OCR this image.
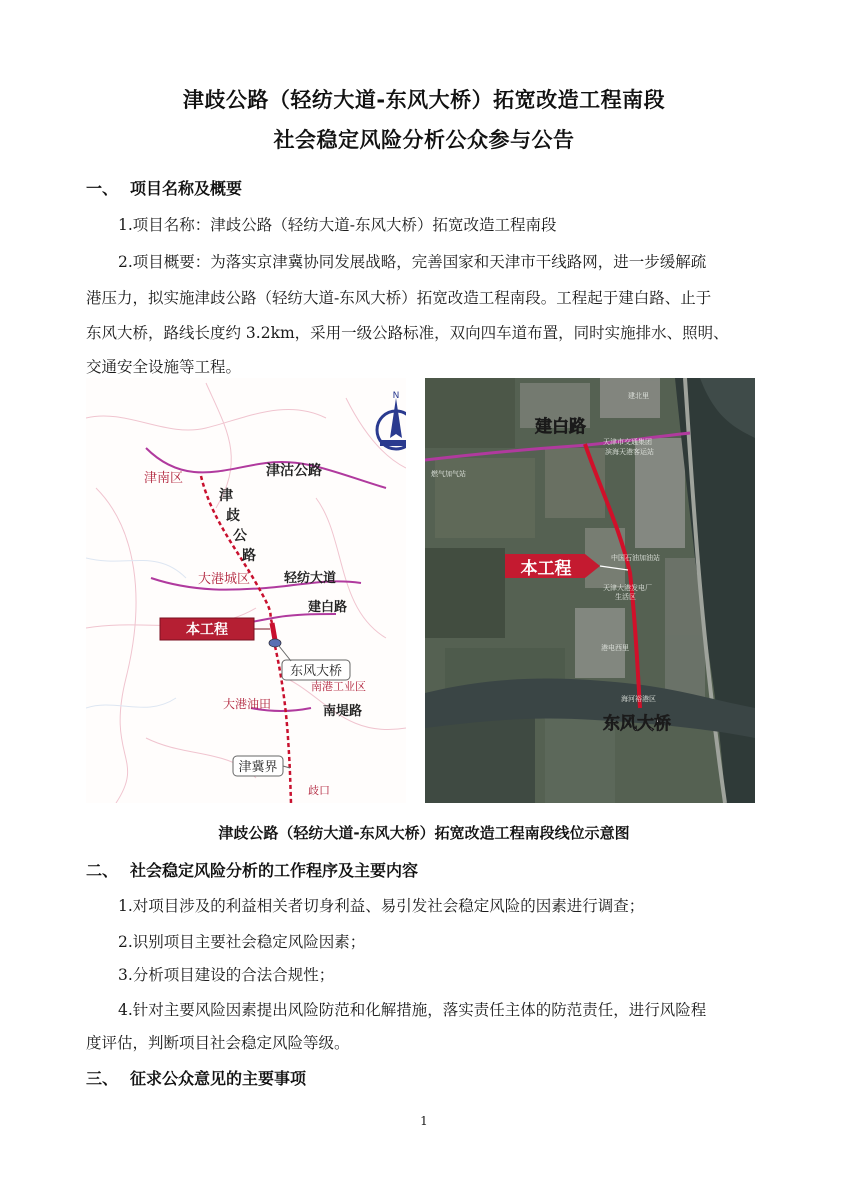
津歧公路（轻纺大道-东风大桥）拓宽改造工程南段
社会稳定风险分析公众参与公告
一、 项目名称及概要
1.项目名称：津歧公路（轻纺大道-东风大桥）拓宽改造工程南段
2.项目概要：为落实京津冀协同发展战略，完善国家和天津市干线路网，进一步缓解疏
港压力，拟实施津歧公路（轻纺大道-东风大桥）拓宽改造工程南段。工程起于建白路、止于
东风大桥，路线长度约 3.2km，采用一级公路标准，双向四车道布置，同时实施排水、照明、
交通安全设施等工程。
N
津南区	津沽公路
津
歧
公
路
大港城区	轻纺大道
建白路
本工程
东风大桥
南港工业区
大港油田	南堤路
津冀界
歧口
本工程
建白路
东风大桥
建北里
天津市交通集团
滨海天港客运站
燃气加气站
中国石油加油站
天津大港发电厂
生活区
港电西里
海河裕港区
津歧公路（轻纺大道-东风大桥）拓宽改造工程南段线位示意图
二、 社会稳定风险分析的工作程序及主要内容
1.对项目涉及的利益相关者切身利益、易引发社会稳定风险的因素进行调查；
2.识别项目主要社会稳定风险因素；
3.分析项目建设的合法合规性；
4.针对主要风险因素提出风险防范和化解措施，落实责任主体的防范责任，进行风险程
度评估，判断项目社会稳定风险等级。
三、 征求公众意见的主要事项
1
